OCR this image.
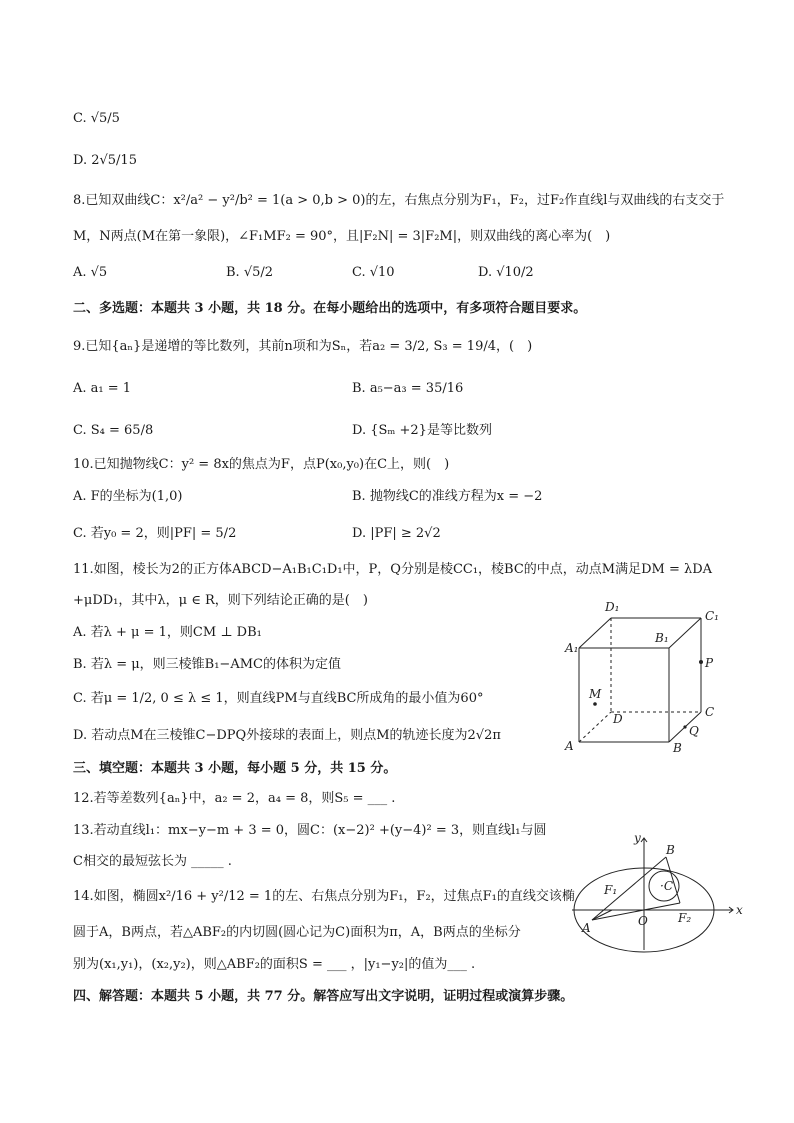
C. √5/5
D. 2√5/15
8.已知双曲线C：x²/a² − y²/b² = 1(a > 0,b > 0)的左，右焦点分别为F₁，F₂，过F₂作直线l与双曲线的右支交于
M，N两点(M在第一象限)，∠F₁MF₂ = 90°，且|F₂N| = 3|F₂M|，则双曲线的离心率为(　)
A. √5	B. √5/2	C. √10	D. √10/2
二、多选题：本题共 3 小题，共 18 分。在每小题给出的选项中，有多项符合题目要求。
9.已知{aₙ}是递增的等比数列，其前n项和为Sₙ，若a₂ = 3/2, S₃ = 19/4，(　)
A. a₁ = 1	B. a₅−a₃ = 35/16
C. S₄ = 65/8	D. {Sₘ +2}是等比数列
10.已知抛物线C：y² = 8x的焦点为F，点P(x₀,y₀)在C上，则(　)
A. F的坐标为(1,0)	B. 抛物线C的准线方程为x = −2
C. 若y₀ = 2，则|PF| = 5/2	D. |PF| ≥ 2√2
11.如图，棱长为2的正方体ABCD−A₁B₁C₁D₁中，P，Q分别是棱CC₁，棱BC的中点，动点M满足DM = λDA
+μDD₁，其中λ，μ ∈ R，则下列结论正确的是(　)
A. 若λ + μ = 1，则CM ⊥ DB₁
B. 若λ = μ，则三棱锥B₁−AMC的体积为定值
C. 若μ = 1/2, 0 ≤ λ ≤ 1，则直线PM与直线BC所成角的最小值为60°
D. 若动点M在三棱锥C−DPQ外接球的表面上，则点M的轨迹长度为2√2π
A₁
D₁
B₁
C₁
P
M
D	C
Q
A	B
三、填空题：本题共 3 小题，每小题 5 分，共 15 分。
12.若等差数列{aₙ}中，a₂ = 2，a₄ = 8，则S₅ = ___ .
13.若动直线l₁：mx−y−m + 3 = 0，圆C：(x−2)² +(y−4)² = 3，则直线l₁与圆
C相交的最短弦长为 _____ .
14.如图，椭圆x²/16 + y²/12 = 1的左、右焦点分别为F₁，F₂，过焦点F₁的直线交该椭
圆于A，B两点，若△ABF₂的内切圆(圆心记为C)面积为π，A，B两点的坐标分
别为(x₁,y₁)，(x₂,y₂)，则△ABF₂的面积S = ___ ，|y₁−y₂|的值为___ .
x
y
B
F₁	·C
O	F₂
A
四、解答题：本题共 5 小题，共 77 分。解答应写出文字说明，证明过程或演算步骤。
